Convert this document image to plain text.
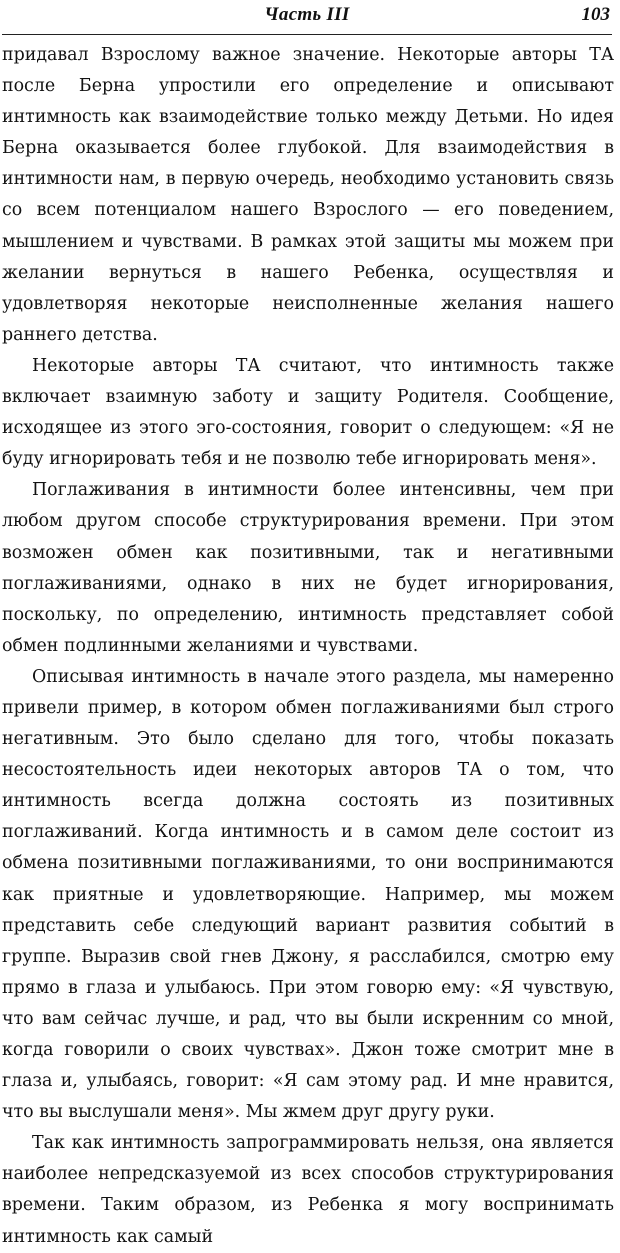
Часть III	103

придавал Взрослому важное значение. Некоторые авторы ТА после Берна упростили его определение и описывают интимность как взаимодействие только между Детьми. Но идея Берна оказывается более глубокой. Для взаимодействия в интимности нам, в первую очередь, необходимо установить связь со всем потенциалом нашего Взрослого — его поведением, мышлением и чувствами. В рамках этой защиты мы можем при желании вернуться в нашего Ребенка, осуществляя и удовлетворяя некоторые неисполненные желания нашего раннего детства.

Некоторые авторы ТА считают, что интимность также включает взаимную заботу и защиту Родителя. Сообщение, исходящее из этого эго-состояния, говорит о следующем: «Я не буду игнорировать тебя и не позволю тебе игнорировать меня».

Поглаживания в интимности более интенсивны, чем при любом другом способе структурирования времени. При этом возможен обмен как позитивными, так и негативными поглаживаниями, однако в них не будет игнорирования, поскольку, по определению, интимность представляет собой обмен подлинными желаниями и чувствами.

Описывая интимность в начале этого раздела, мы намеренно привели пример, в котором обмен поглаживаниями был строго негативным. Это было сделано для того, чтобы показать несостоятельность идеи некоторых авторов ТА о том, что интимность всегда должна состоять из позитивных поглаживаний. Когда интимность и в самом деле состоит из обмена позитивными поглаживаниями, то они воспринимаются как приятные и удовлетворяющие. Например, мы можем представить себе следующий вариант развития событий в группе. Выразив свой гнев Джону, я расслабился, смотрю ему прямо в глаза и улыбаюсь. При этом говорю ему: «Я чувствую, что вам сейчас лучше, и рад, что вы были искренним со мной, когда говорили о своих чувствах». Джон тоже смотрит мне в глаза и, улыбаясь, говорит: «Я сам этому рад. И мне нравится, что вы выслушали меня». Мы жмем друг другу руки.

Так как интимность запрограммировать нельзя, она является наиболее непредсказуемой из всех способов структурирования времени. Таким образом, из Ребенка я могу воспринимать интимность как самый
